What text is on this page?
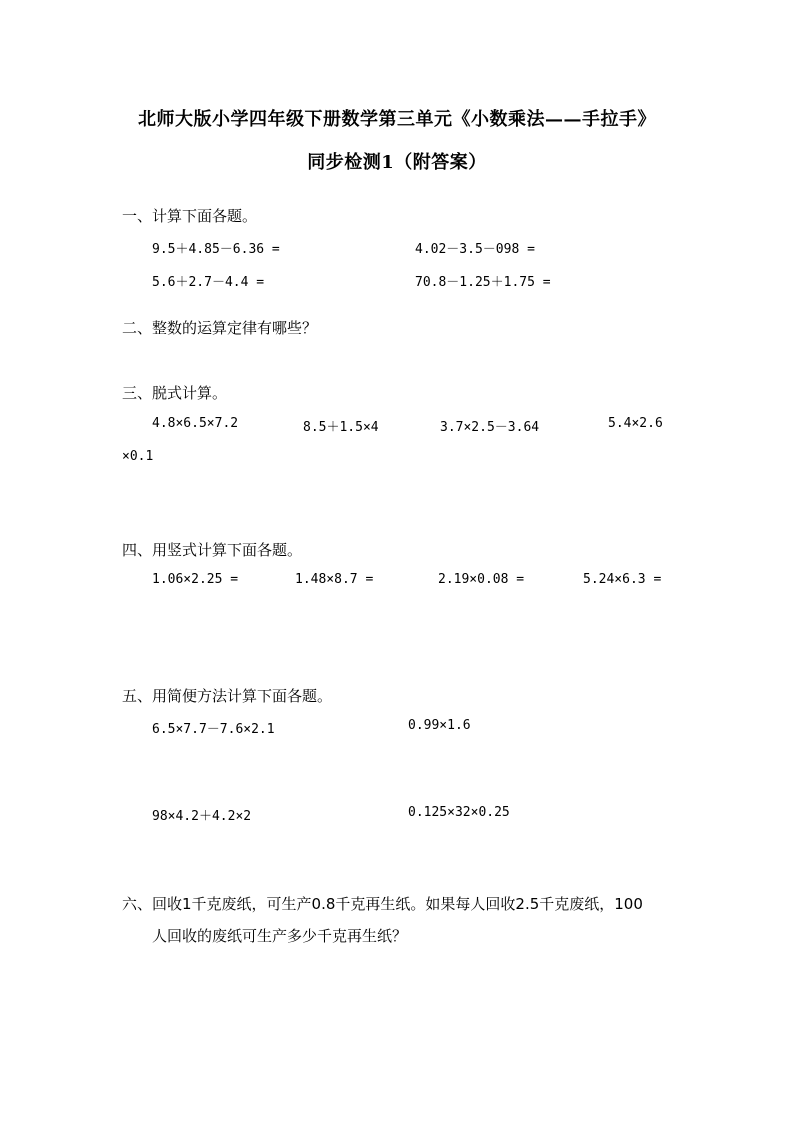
北师大版小学四年级下册数学第三单元《小数乘法——手拉手》
同步检测1（附答案）
一、计算下面各题。
9.5＋4.85－6.36 =	4.02－3.5－098 =
5.6＋2.7－4.4 =	70.8－1.25＋1.75 =
二、整数的运算定律有哪些？
三、脱式计算。
4.8×6.5×7.2	8.5＋1.5×4	3.7×2.5－3.64	5.4×2.6
×0.1
四、用竖式计算下面各题。
1.06×2.25 =	1.48×8.7 =	2.19×0.08 =	5.24×6.3 =
五、用简便方法计算下面各题。
6.5×7.7－7.6×2.1	0.99×1.6
98×4.2＋4.2×2	0.125×32×0.25
六、回收1千克废纸，可生产0.8千克再生纸。如果每人回收2.5千克废纸，100
人回收的废纸可生产多少千克再生纸？
